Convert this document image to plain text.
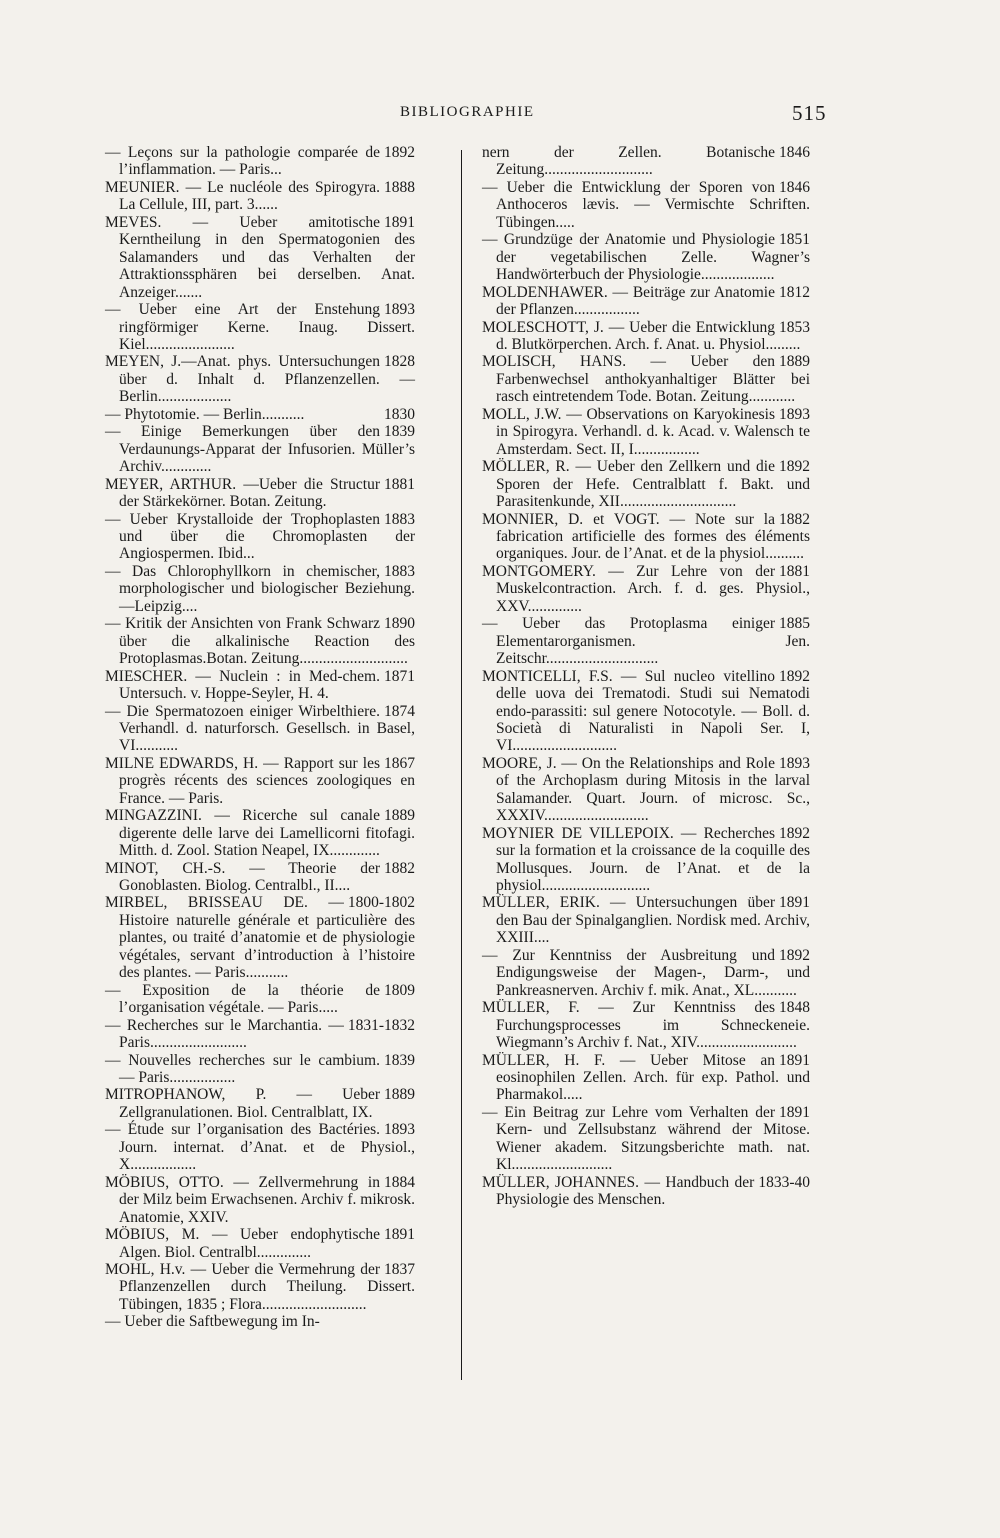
BIBLIOGRAPHIE	515

1892
— Leçons sur la pathologie comparée de l’inflammation. — Paris...

1888
MEUNIER. — Le nucléole des Spirogyra. La Cellule, III, part. 3......

1891
MEVES. — Ueber amitotische Kerntheilung in den Spermatogonien des Salamanders und das Verhalten der Attraktionssphären bei derselben. Anat. Anzeiger.......

1893
— Ueber eine Art der Enstehung ringförmiger Kerne. Inaug. Dissert. Kiel.......................

1828
MEYEN, J.—Anat. phys. Untersuchungen über d. Inhalt d. Pflanzenzellen. — Berlin...................

1830
— Phytotomie. — Berlin...........

1839
— Einige Bemerkungen über den Verdaunungs-Apparat der Infusorien. Müller’s Archiv.............

1881
MEYER, ARTHUR. —Ueber die Structur der Stärkekörner. Botan. Zeitung.

1883
— Ueber Krystalloide der Trophoplasten und über die Chromoplasten der Angiospermen. Ibid...

1883
— Das Chlorophyllkorn in chemischer, morphologischer und biologischer Beziehung. —Leipzig....

1890
— Kritik der Ansichten von Frank Schwarz über die alkalinische Reaction des Protoplasmas.Botan. Zeitung............................

1871
MIESCHER. — Nuclein : in Med-chem. Untersuch. v. Hoppe-Seyler, H. 4.

1874
— Die Spermatozoen einiger Wirbelthiere. Verhandl. d. naturforsch. Gesellsch. in Basel, VI...........

1867
MILNE EDWARDS, H. — Rapport sur les progrès récents des sciences zoologiques en France. — Paris.

1889
MINGAZZINI. — Ricerche sul canale digerente delle larve dei Lamellicorni fitofagi. Mitth. d. Zool. Station Neapel, IX.............

1882
MINOT, CH.-S. — Theorie der Gonoblasten. Biolog. Centralbl., II....

1800-1802
MIRBEL, BRISSEAU DE. — Histoire naturelle générale et particulière des plantes, ou traité d’anatomie et de physiologie végétales, servant d’introduction à l’histoire des plantes. — Paris...........

1809
— Exposition de la théorie de l’organisation végétale. — Paris.....

1831-1832
— Recherches sur le Marchantia. — Paris.........................

1839
— Nouvelles recherches sur le cambium. — Paris.................

1889
MITROPHANOW, P. — Ueber Zellgranulationen. Biol. Centralblatt, IX.

1893
— Étude sur l’organisation des Bactéries. Journ. internat. d’Anat. et de Physiol., X.................

1884
MÖBIUS, OTTO. — Zellvermehrung in der Milz beim Erwachsenen. Archiv f. mikrosk. Anatomie, XXIV.

1891
MÖBIUS, M. — Ueber endophytische Algen. Biol. Centralbl..............

1837
MOHL, H.v. — Ueber die Vermehrung der Pflanzenzellen durch Theilung. Dissert. Tübingen, 1835 ; Flora...........................

— Ueber die Saftbewegung im In-

1846
nern der Zellen. Botanische Zeitung............................

1846
— Ueber die Entwicklung der Sporen von Anthoceros lævis. — Vermischte Schriften. Tübingen.....

1851
— Grundzüge der Anatomie und Physiologie der vegetabilischen Zelle. Wagner’s Handwörterbuch der Physiologie...................

1812
MOLDENHAWER. — Beiträge zur Anatomie der Pflanzen.................

1853
MOLESCHOTT, J. — Ueber die Entwicklung d. Blutkörperchen. Arch. f. Anat. u. Physiol.........

1889
MOLISCH, HANS. — Ueber den Farbenwechsel anthokyanhaltiger Blätter bei rasch eintretendem Tode. Botan. Zeitung............

1893
MOLL, J.W. — Observations on Karyokinesis in Spirogyra. Verhandl. d. k. Acad. v. Walensch te Amsterdam. Sect. II, I.................

1892
MÖLLER, R. — Ueber den Zellkern und die Sporen der Hefe. Centralblatt f. Bakt. und Parasitenkunde, XII..............................

1882
MONNIER, D. et VOGT. — Note sur la fabrication artificielle des formes des éléments organiques. Jour. de l’Anat. et de la physiol..........

1881
MONTGOMERY. — Zur Lehre von der Muskelcontraction. Arch. f. d. ges. Physiol., XXV..............

1885
— Ueber das Protoplasma einiger Elementarorganismen. Jen. Zeitschr.............................

1892
MONTICELLI, F.S. — Sul nucleo vitellino delle uova dei Trematodi. Studi sui Nematodi endo-parassiti: sul genere Notocotyle. — Boll. d. Società di Naturalisti in Napoli Ser. I, VI...........................

1893
MOORE, J. — On the Relationships and Role of the Archoplasm during Mitosis in the larval Salamander. Quart. Journ. of microsc. Sc., XXXIV...........................

1892
MOYNIER DE VILLEPOIX. — Recherches sur la formation et la croissance de la coquille des Mollusques. Journ. de l’Anat. et de la physiol............................

1891
MÜLLER, ERIK. — Untersuchungen über den Bau der Spinalganglien. Nordisk med. Archiv, XXIII....

1892
— Zur Kenntniss der Ausbreitung und Endigungsweise der Magen-, Darm-, und Pankreasnerven. Archiv f. mik. Anat., XL...........

1848
MÜLLER, F. — Zur Kenntniss des Furchungsprocesses im Schneckeneie. Wiegmann’s Archiv f. Nat., XIV..........................

1891
MÜLLER, H. F. — Ueber Mitose an eosinophilen Zellen. Arch. für exp. Pathol. und Pharmakol.....

1891
— Ein Beitrag zur Lehre vom Verhalten der Kern- und Zellsubstanz während der Mitose. Wiener akadem. Sitzungsberichte math. nat. Kl..........................

1833-40
MÜLLER, JOHANNES. — Handbuch der Physiologie des Menschen.
